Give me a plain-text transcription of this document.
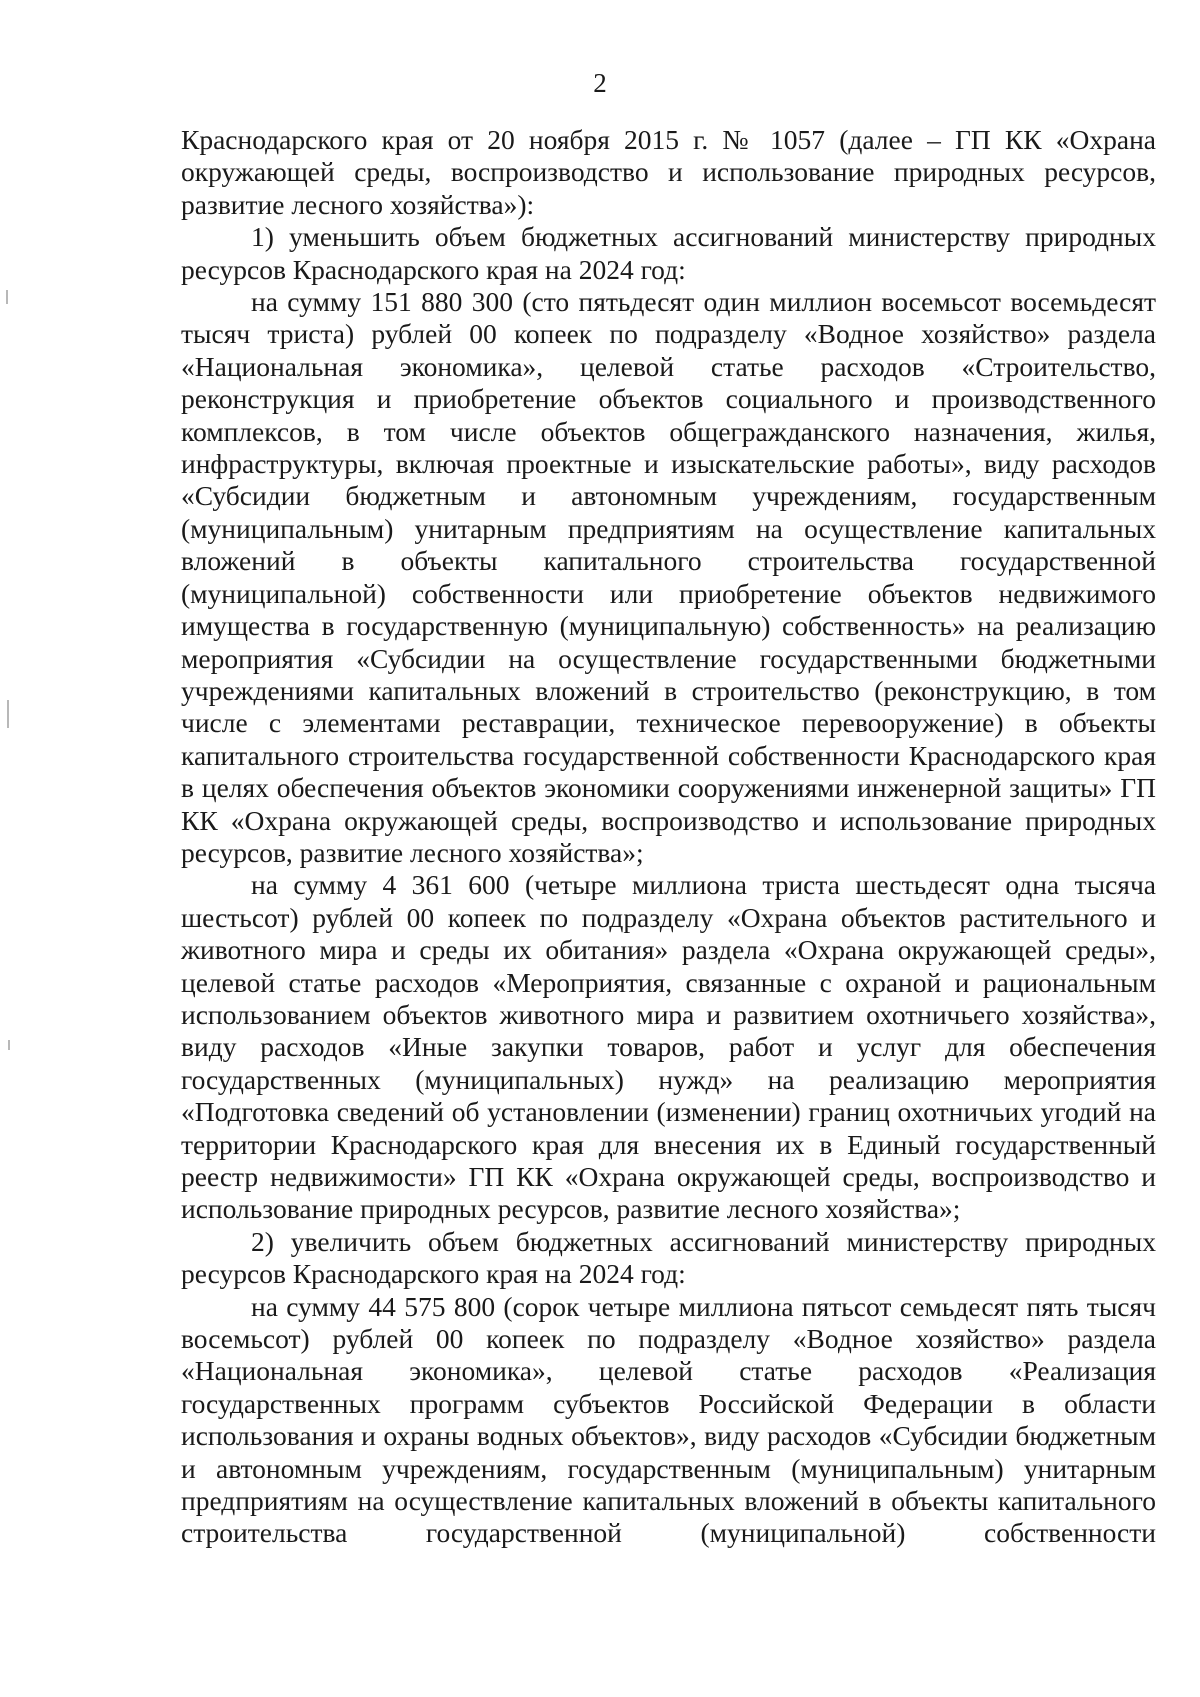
2

Краснодарского края от 20 ноября 2015 г. № 1057 (далее – ГП КК «Охрана окружающей среды, воспроизводство и использование природных ресурсов, развитие лесного хозяйства»):

1) уменьшить объем бюджетных ассигнований министерству природных ресурсов Краснодарского края на 2024 год:

на сумму 151 880 300 (сто пятьдесят один миллион восемьсот восемьдесят тысяч триста) рублей 00 копеек по подразделу «Водное хозяйство» раздела «Национальная экономика», целевой статье расходов «Строительство, реконструкция и приобретение объектов социального и производственного комплексов, в том числе объектов общегражданского назначения, жилья, инфраструктуры, включая проектные и изыскательские работы», виду расходов «Субсидии бюджетным и автономным учреждениям, государственным (муниципальным) унитарным предприятиям на осуществление капитальных вложений в объекты капитального строительства государственной (муниципальной) собственности или приобретение объектов недвижимого имущества в государственную (муниципальную) собственность» на реализацию мероприятия «Субсидии на осуществление государственными бюджетными учреждениями капитальных вложений в строительство (реконструкцию, в том числе с элементами реставрации, техническое перевооружение) в объекты капитального строительства государственной собственности Краснодарского края в целях обеспечения объектов экономики сооружениями инженерной защиты» ГП КК «Охрана окружающей среды, воспроизводство и использование природных ресурсов, развитие лесного хозяйства»;

на сумму 4 361 600 (четыре миллиона триста шестьдесят одна тысяча шестьсот) рублей 00 копеек по подразделу «Охрана объектов растительного и животного мира и среды их обитания» раздела «Охрана окружающей среды», целевой статье расходов «Мероприятия, связанные с охраной и рациональным использованием объектов животного мира и развитием охотничьего хозяйства», виду расходов «Иные закупки товаров, работ и услуг для обеспечения государственных (муниципальных) нужд» на реализацию мероприятия «Подготовка сведений об установлении (изменении) границ охотничьих угодий на территории Краснодарского края для внесения их в Единый государственный реестр недвижимости» ГП КК «Охрана окружающей среды, воспроизводство и использование природных ресурсов, развитие лесного хозяйства»;

2) увеличить объем бюджетных ассигнований министерству природных ресурсов Краснодарского края на 2024 год:

на сумму 44 575 800 (сорок четыре миллиона пятьсот семьдесят пять тысяч восемьсот) рублей 00 копеек по подразделу «Водное хозяйство» раздела «Национальная экономика», целевой статье расходов «Реализация государственных программ субъектов Российской Федерации в области использования и охраны водных объектов», виду расходов «Субсидии бюджетным и автономным учреждениям, государственным (муниципальным) унитарным предприятиям на осуществление капитальных вложений в объекты капитального строительства государственной (муниципальной) собственности
